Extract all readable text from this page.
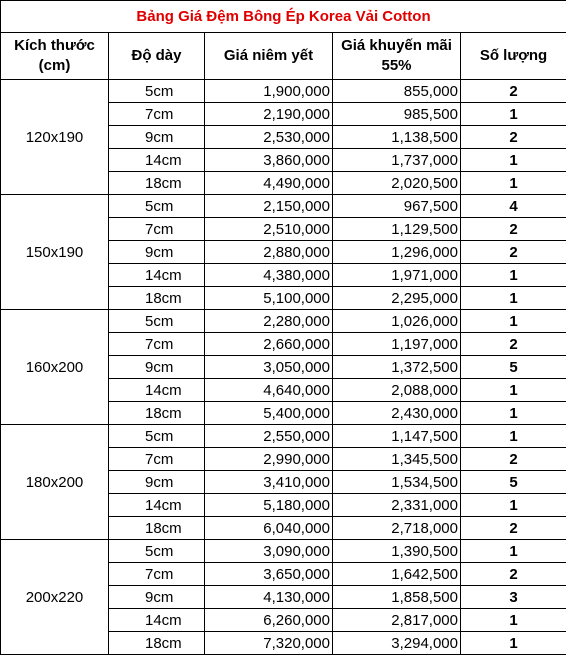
Bảng Giá Đệm Bông Ép Korea Vải Cotton				
Kích thước (cm)	Độ dày	Giá niêm yết	Giá khuyến mãi 55%	Số lượng
120x190	5cm	1,900,000	855,000	2
	7cm	2,190,000	985,500	1
	9cm	2,530,000	1,138,500	2
	14cm	3,860,000	1,737,000	1
	18cm	4,490,000	2,020,500	1
150x190	5cm	2,150,000	967,500	4
	7cm	2,510,000	1,129,500	2
	9cm	2,880,000	1,296,000	2
	14cm	4,380,000	1,971,000	1
	18cm	5,100,000	2,295,000	1
160x200	5cm	2,280,000	1,026,000	1
	7cm	2,660,000	1,197,000	2
	9cm	3,050,000	1,372,500	5
	14cm	4,640,000	2,088,000	1
	18cm	5,400,000	2,430,000	1
180x200	5cm	2,550,000	1,147,500	1
	7cm	2,990,000	1,345,500	2
	9cm	3,410,000	1,534,500	5
	14cm	5,180,000	2,331,000	1
	18cm	6,040,000	2,718,000	2
200x220	5cm	3,090,000	1,390,500	1
	7cm	3,650,000	1,642,500	2
	9cm	4,130,000	1,858,500	3
	14cm	6,260,000	2,817,000	1
	18cm	7,320,000	3,294,000	1
